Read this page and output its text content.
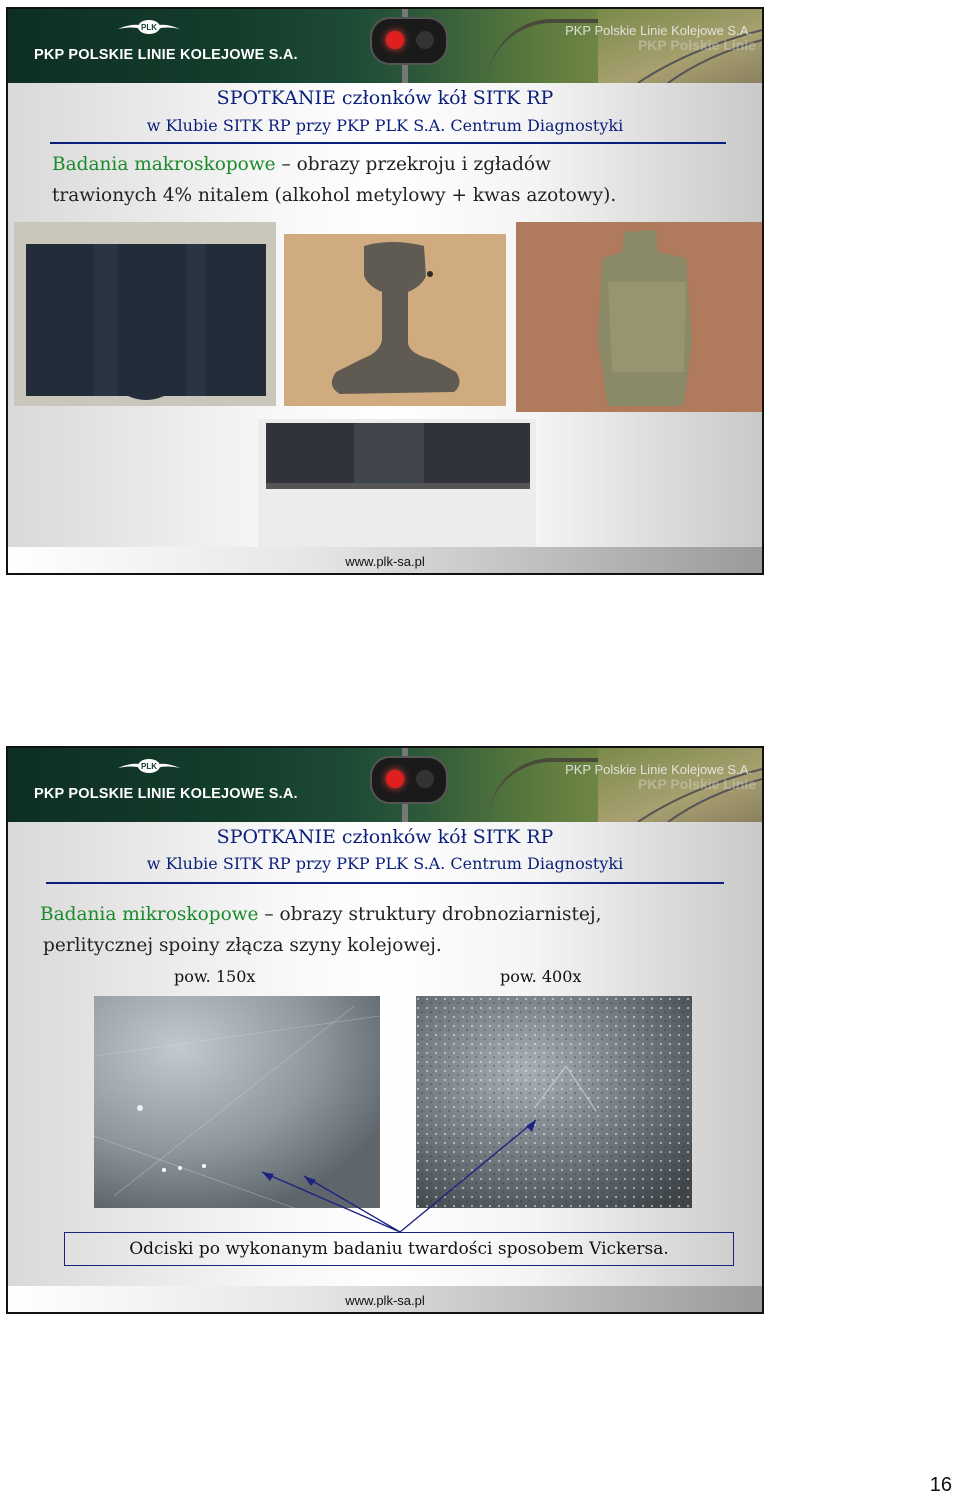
PLK
PKP POLSKIE LINIE KOLEJOWE S.A.
PKP Polskie Linie Kolejowe S.A.
PKP Polskie Linie
SPOTKANIE członków kół SITK RP
w Klubie SITK RP przy PKP PLK S.A. Centrum Diagnostyki
Badania makroskopowe – obrazy przekroju i zgładów
trawionych 4% nitalem (alkohol metylowy + kwas azotowy).
www.plk-sa.pl
PLK
PKP POLSKIE LINIE KOLEJOWE S.A.
PKP Polskie Linie Kolejowe S.A.
PKP Polskie Linie
SPOTKANIE członków kół SITK RP
w Klubie SITK RP przy PKP PLK S.A. Centrum Diagnostyki
Badania mikroskopowe – obrazy struktury drobnoziarnistej,
perlitycznej spoiny złącza szyny kolejowej.
pow. 150x	pow. 400x
Odciski po wykonanym badaniu twardości sposobem Vickersa.
www.plk-sa.pl
16
